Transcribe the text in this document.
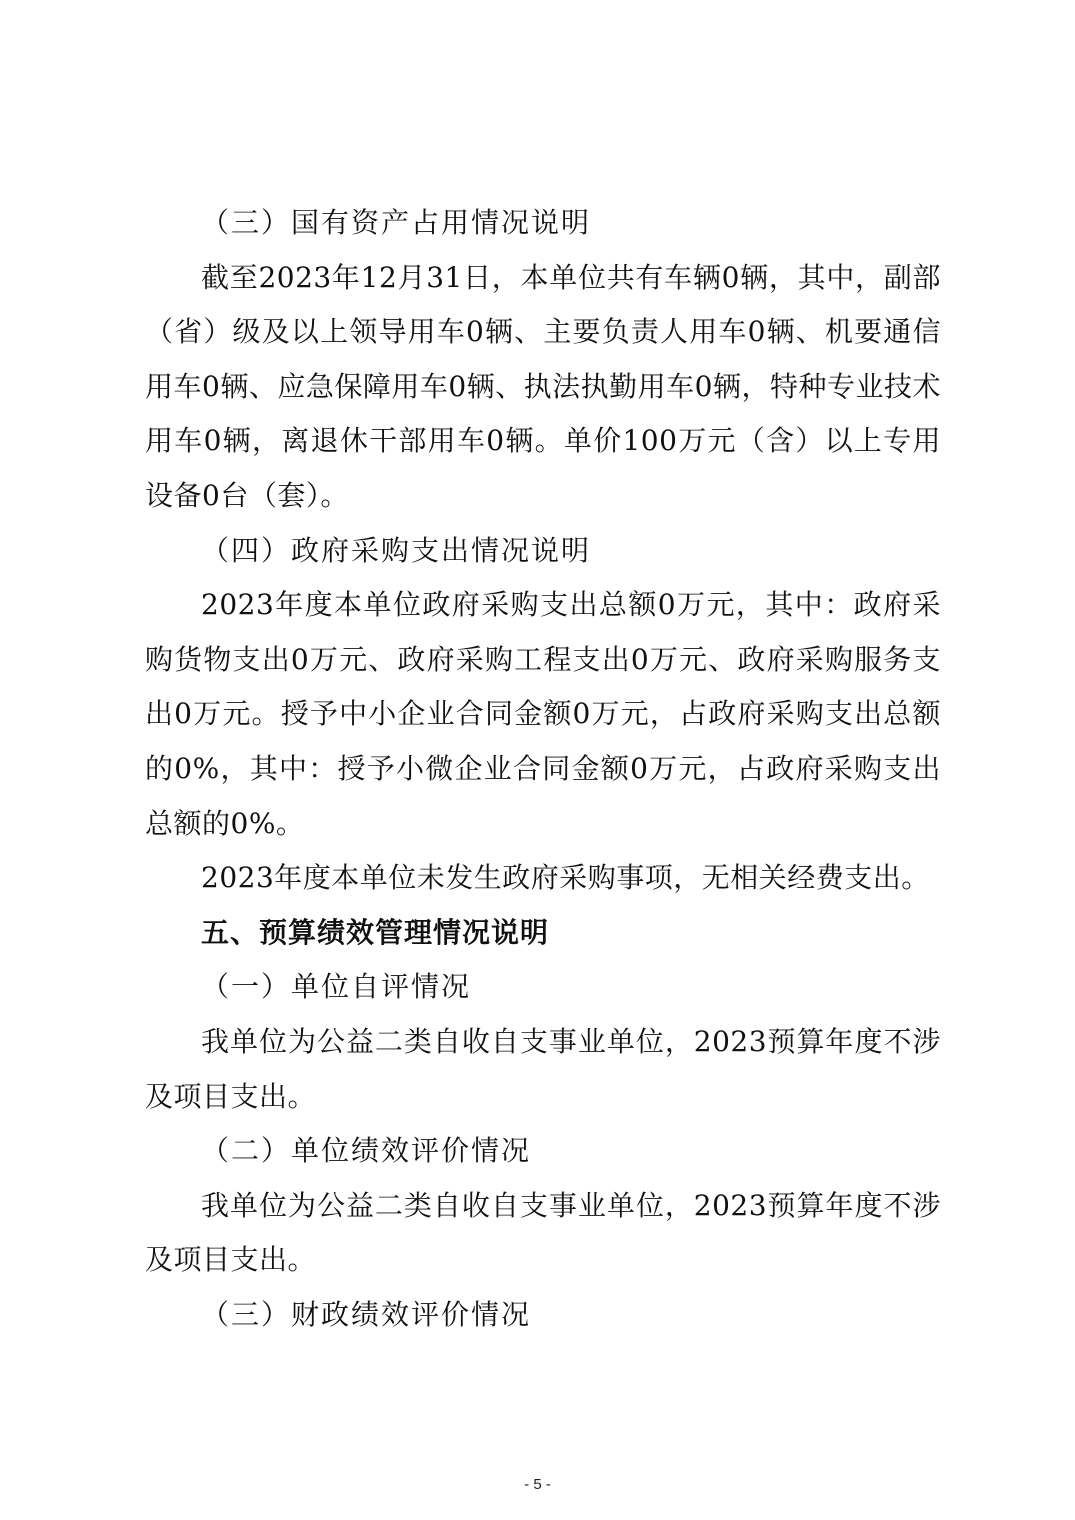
（三）国有资产占用情况说明

截至2023年12月31日，本单位共有车辆0辆，其中，副部（省）级及以上领导用车0辆、主要负责人用车0辆、机要通信用车0辆、应急保障用车0辆、执法执勤用车0辆，特种专业技术用车0辆，离退休干部用车0辆。单价100万元（含）以上专用设备0台（套）。

（四）政府采购支出情况说明

2023年度本单位政府采购支出总额0万元，其中：政府采购货物支出0万元、政府采购工程支出0万元、政府采购服务支出0万元。授予中小企业合同金额0万元，占政府采购支出总额的0%，其中：授予小微企业合同金额0万元，占政府采购支出总额的0%。

2023年度本单位未发生政府采购事项，无相关经费支出。

五、预算绩效管理情况说明

（一）单位自评情况

我单位为公益二类自收自支事业单位，2023预算年度不涉及项目支出。

（二）单位绩效评价情况

我单位为公益二类自收自支事业单位，2023预算年度不涉及项目支出。

（三）财政绩效评价情况

- 5 -
